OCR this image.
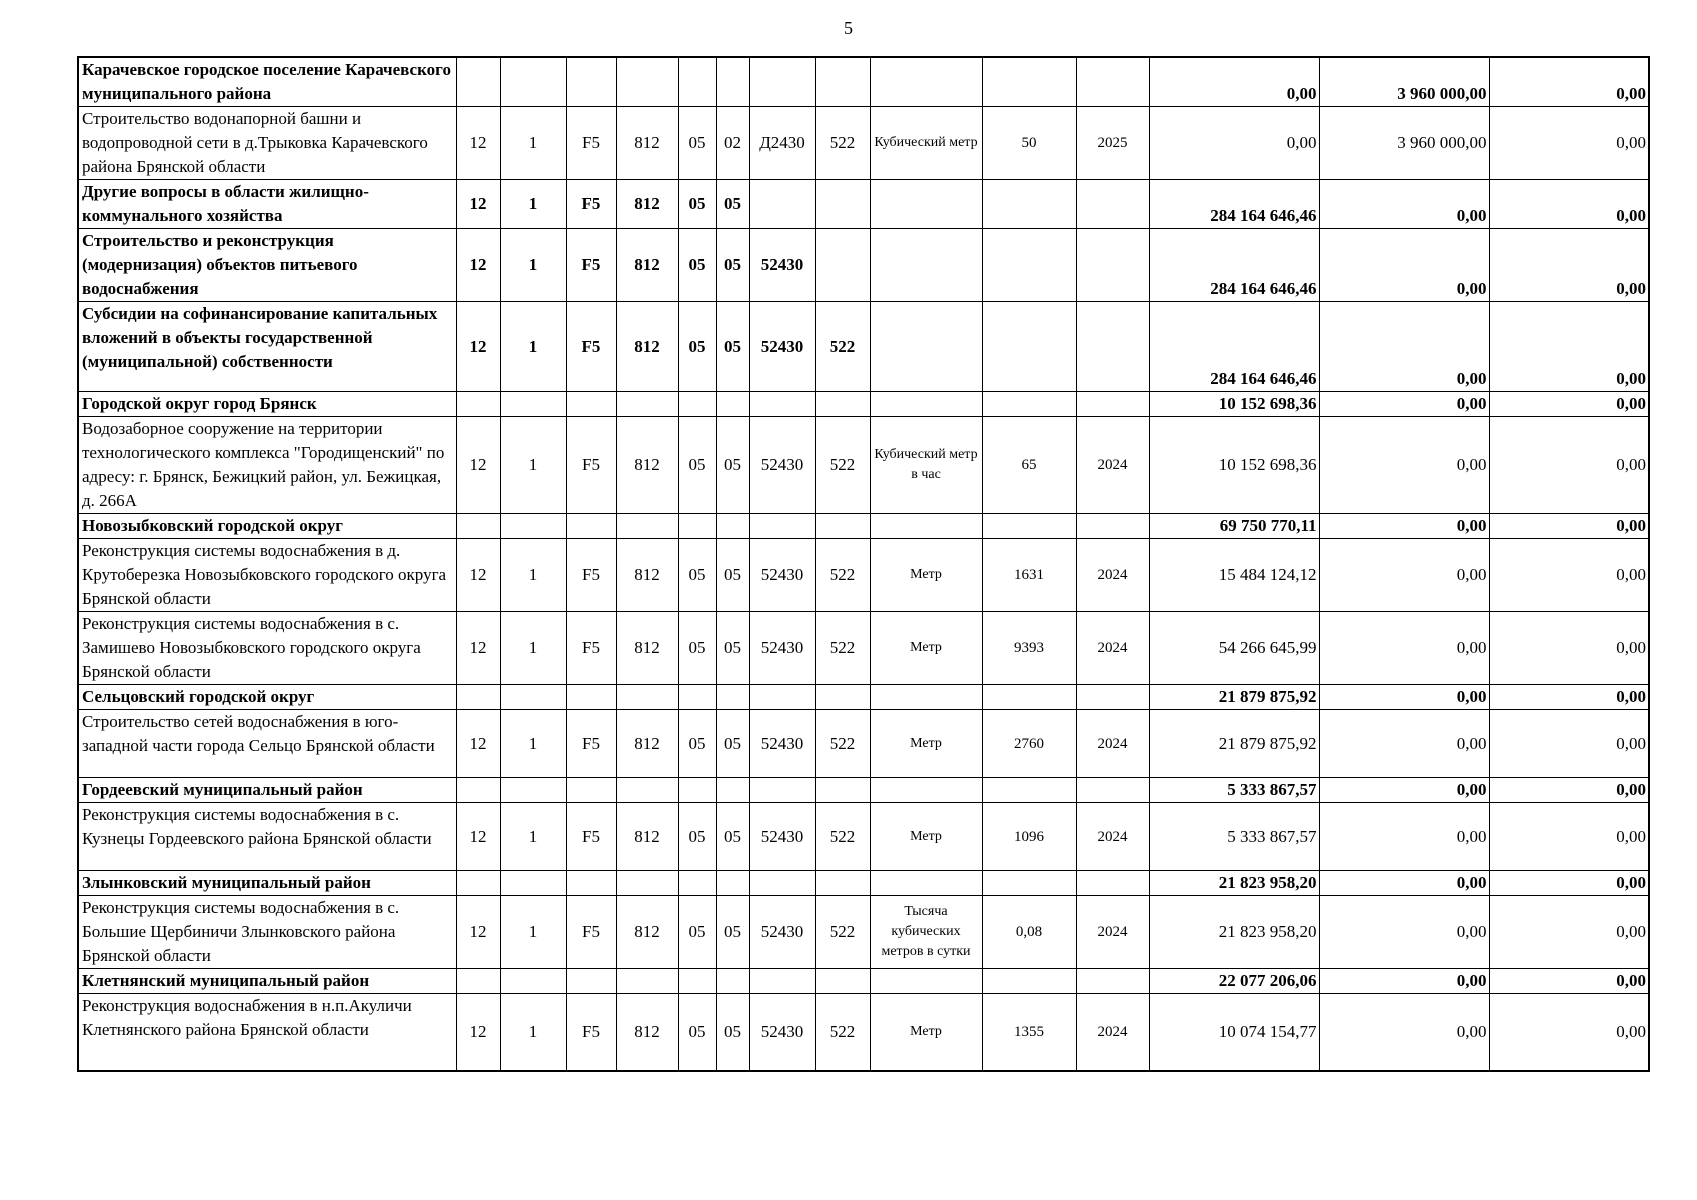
5
Карачевское городское поселение Карачевского муниципального района												0,00	3 960 000,00	0,00
Строительство водонапорной башни и водопроводной сети в д.Трыковка Карачевского района Брянской области	12	1	F5	812	05	02	Д2430	522	Кубический метр	50	2025	0,00	3 960 000,00	0,00
Другие вопросы в области жилищно-коммунального хозяйства	12	1	F5	812	05	05						284 164 646,46	0,00	0,00
Строительство и реконструкция (модернизация) объектов питьевого водоснабжения	12	1	F5	812	05	05	52430					284 164 646,46	0,00	0,00
Субсидии на софинансирование капитальных вложений в объекты государственной (муниципальной) собственности	12	1	F5	812	05	05	52430	522				284 164 646,46	0,00	0,00
Городской округ город Брянск												10 152 698,36	0,00	0,00
Водозаборное сооружение на территории технологического комплекса "Городищенский" по адресу: г. Брянск, Бежицкий район, ул. Бежицкая, д. 266А	12	1	F5	812	05	05	52430	522	Кубический метр в час	65	2024	10 152 698,36	0,00	0,00
Новозыбковский городской округ												69 750 770,11	0,00	0,00
Реконструкция системы водоснабжения в д. Крутоберезка Новозыбковского городского округа Брянской области	12	1	F5	812	05	05	52430	522	Метр	1631	2024	15 484 124,12	0,00	0,00
Реконструкция системы водоснабжения в с. Замишево Новозыбковского городского округа Брянской области	12	1	F5	812	05	05	52430	522	Метр	9393	2024	54 266 645,99	0,00	0,00
Сельцовский городской округ												21 879 875,92	0,00	0,00
Строительство сетей водоснабжения в юго-западной части города Сельцо Брянской области	12	1	F5	812	05	05	52430	522	Метр	2760	2024	21 879 875,92	0,00	0,00
Гордеевский муниципальный район												5 333 867,57	0,00	0,00
Реконструкция системы водоснабжения в с. Кузнецы Гордеевского района Брянской области	12	1	F5	812	05	05	52430	522	Метр	1096	2024	5 333 867,57	0,00	0,00
Злынковский муниципальный район												21 823 958,20	0,00	0,00
Реконструкция системы водоснабжения в с. Большие Щербиничи Злынковского района Брянской области	12	1	F5	812	05	05	52430	522	Тысяча кубических метров в сутки	0,08	2024	21 823 958,20	0,00	0,00
Клетнянский муниципальный район												22 077 206,06	0,00	0,00
Реконструкция водоснабжения в н.п.Акуличи Клетнянского района Брянской области	12	1	F5	812	05	05	52430	522	Метр	1355	2024	10 074 154,77	0,00	0,00
